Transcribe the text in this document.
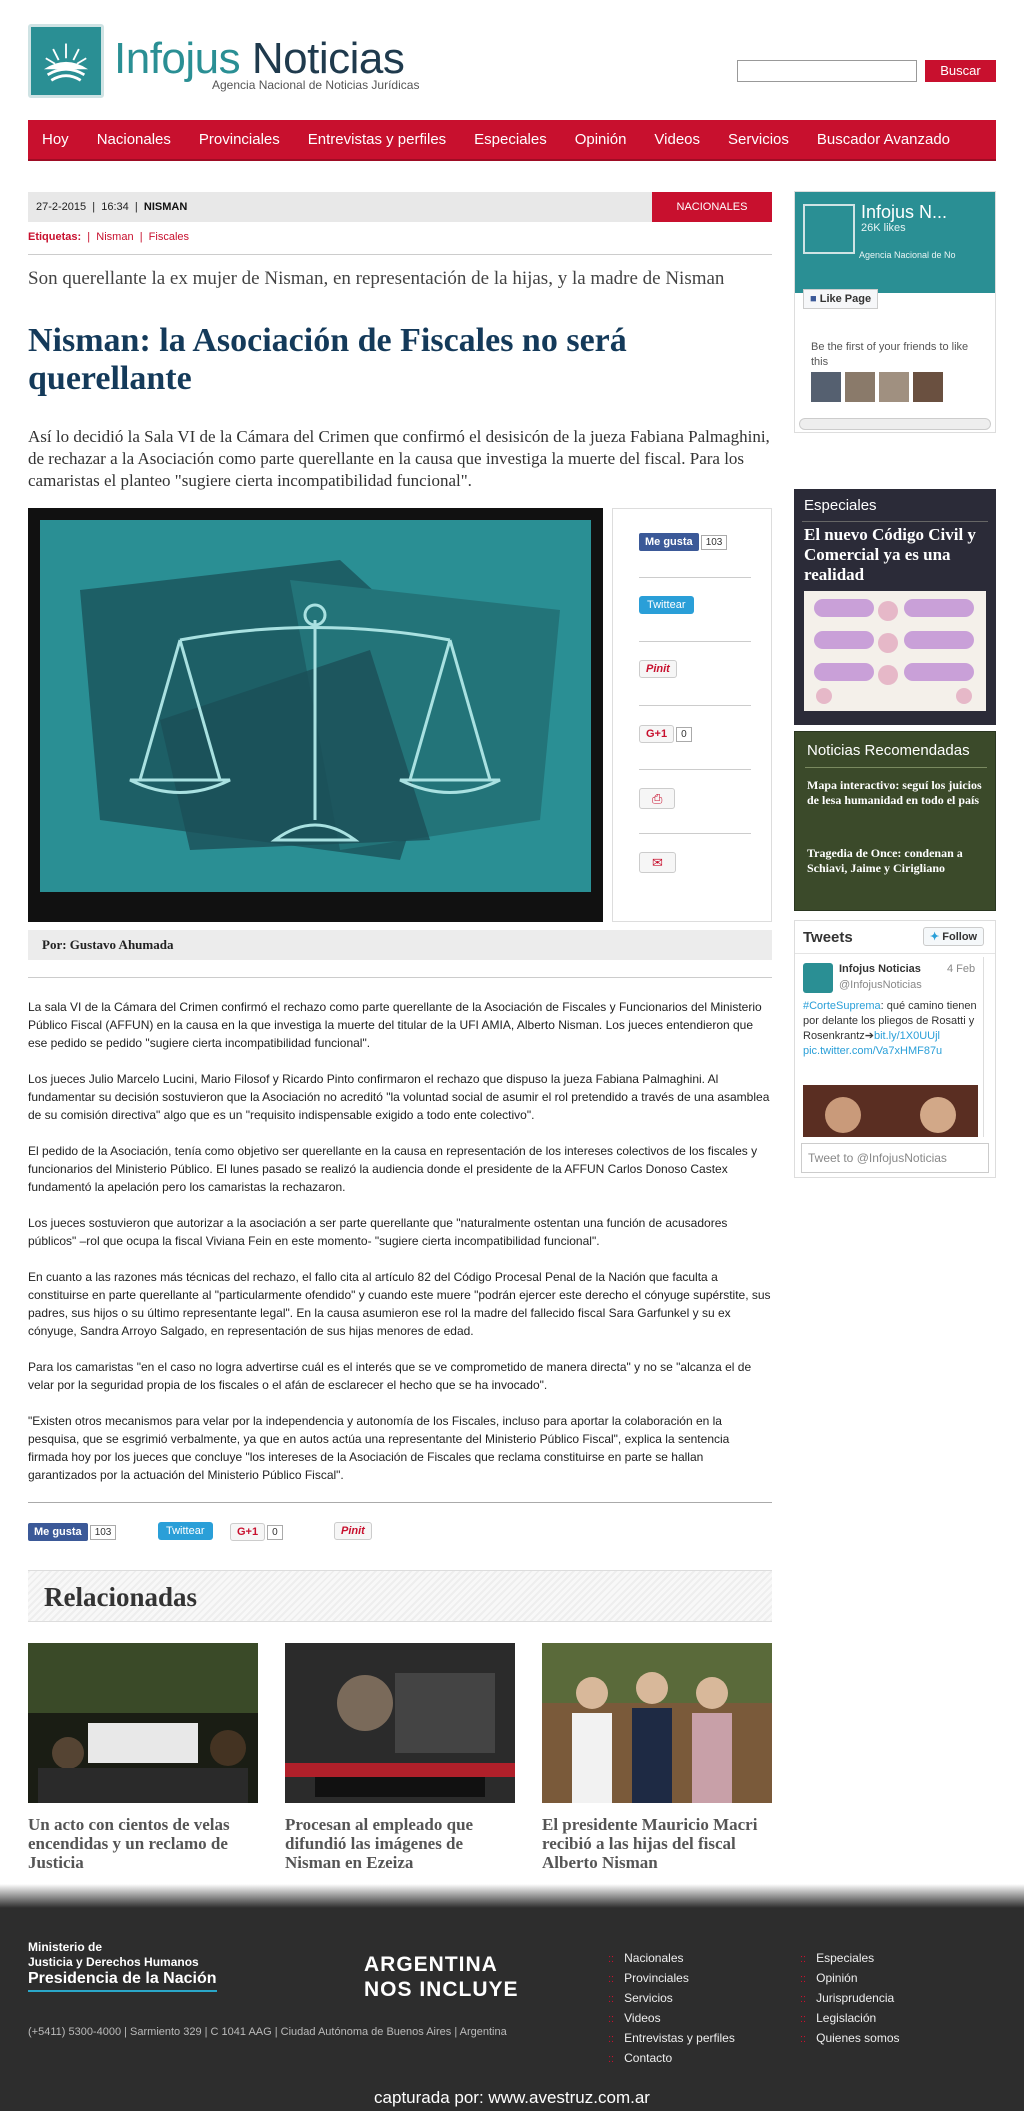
Infojus Noticias
Agencia Nacional de Noticias Jurídicas
Buscar
Hoy	Nacionales	Provinciales	Entrevistas y perfiles	Especiales	Opinión	Videos	Servicios	Buscador Avanzado
27-2-2015  |  16:34  |  NISMAN	NACIONALES
Etiquetas:  |  Nisman  |  Fiscales
Son querellante la ex mujer de Nisman, en representación de la hijas, y la madre de Nisman
Nisman: la Asociación de Fiscales no será querellante
Así lo decidió la Sala VI de la Cámara del Crimen que confirmó el desisicón de la jueza Fabiana Palmaghini, de rechazar a la Asociación como parte querellante en la causa que investiga la muerte del fiscal. Para los camaristas el planteo "sugiere cierta incompatibilidad funcional".
Me gusta 103
Twittear
Pinit
G+1 0
⎙
✉
Por: Gustavo Ahumada

La sala VI de la Cámara del Crimen confirmó el rechazo como parte querellante de la Asociación de Fiscales y Funcionarios del Ministerio Público Fiscal (AFFUN) en la causa en la que investiga la muerte del titular de la UFI AMIA, Alberto Nisman. Los jueces entendieron que ese pedido se pedido "sugiere cierta incompatibilidad funcional".

Los jueces Julio Marcelo Lucini, Mario Filosof y Ricardo Pinto confirmaron el rechazo que dispuso la jueza Fabiana Palmaghini. Al fundamentar su decisión sostuvieron que la Asociación no acreditó "la voluntad social de asumir el rol pretendido a través de una asamblea de su comisión directiva" algo que es un "requisito indispensable exigido a todo ente colectivo".

El pedido de la Asociación, tenía como objetivo ser querellante en la causa en representación de los intereses colectivos de los fiscales y funcionarios del Ministerio Público. El lunes pasado se realizó la audiencia donde el presidente de la AFFUN Carlos Donoso Castex fundamentó la apelación pero los camaristas la rechazaron.

Los jueces sostuvieron que autorizar a la asociación a ser parte querellante que "naturalmente ostentan una función de acusadores públicos" –rol que ocupa la fiscal Viviana Fein en este momento- "sugiere cierta incompatibilidad funcional".

En cuanto a las razones más técnicas del rechazo, el fallo cita al artículo 82 del Código Procesal Penal de la Nación que faculta a constituirse en parte querellante al "particularmente ofendido" y cuando este muere "podrán ejercer este derecho el cónyuge supérstite, sus padres, sus hijos o su último representante legal". En la causa asumieron ese rol la madre del fallecido fiscal Sara Garfunkel y su ex cónyuge, Sandra Arroyo Salgado, en representación de sus hijas menores de edad.

Para los camaristas "en el caso no logra advertirse cuál es el interés que se ve comprometido de manera directa" y no se "alcanza el de velar por la seguridad propia de los fiscales o el afán de esclarecer el hecho que se ha invocado".

"Existen otros mecanismos para velar por la independencia y autonomía de los Fiscales, incluso para aportar la colaboración en la pesquisa, que se esgrimió verbalmente, ya que en autos actúa una representante del Ministerio Público Fiscal", explica la sentencia firmada hoy por los jueces que concluye "los intereses de la Asociación de Fiscales que reclama constituirse en parte se hallan garantizados por la actuación del Ministerio Público Fiscal".

Me gusta 103	Twittear	G+1 0	Pinit
Relacionadas
Un acto con cientos de velas encendidas y un reclamo de Justicia
Procesan al empleado que difundió las imágenes de Nisman en Ezeiza
El presidente Mauricio Macri recibió a las hijas del fiscal Alberto Nisman
Infojus N...
26K likes
Agencia Nacional de No
■ Like Page
Be the first of your friends to like this
Especiales
El nuevo Código Civil y Comercial ya es una realidad
Noticias Recomendadas
Mapa interactivo: seguí los juicios de lesa humanidad en todo el país
Tragedia de Once: condenan a Schiavi, Jaime y Cirigliano
Tweets	✦ Follow
Infojus Noticias
@InfojusNoticias
4 Feb
#CorteSuprema: qué camino tienen por delante los pliegos de Rosatti y Rosenkrantz➔bit.ly/1X0UUjl
pic.twitter.com/Va7xHMF87u
Tweet to @InfojusNoticias
Ministerio de
Justicia y Derechos Humanos
Presidencia de la Nación
ARGENTINA
NOS INCLUYE
(+5411) 5300-4000 | Sarmiento 329 | C 1041 AAG | Ciudad Autónoma de Buenos Aires | Argentina
:: Nacionales
:: Provinciales
:: Servicios
:: Videos
:: Entrevistas y perfiles
:: Contacto
:: Especiales
:: Opinión
:: Jurisprudencia
:: Legislación
:: Quienes somos
capturada por: www.avestruz.com.ar
